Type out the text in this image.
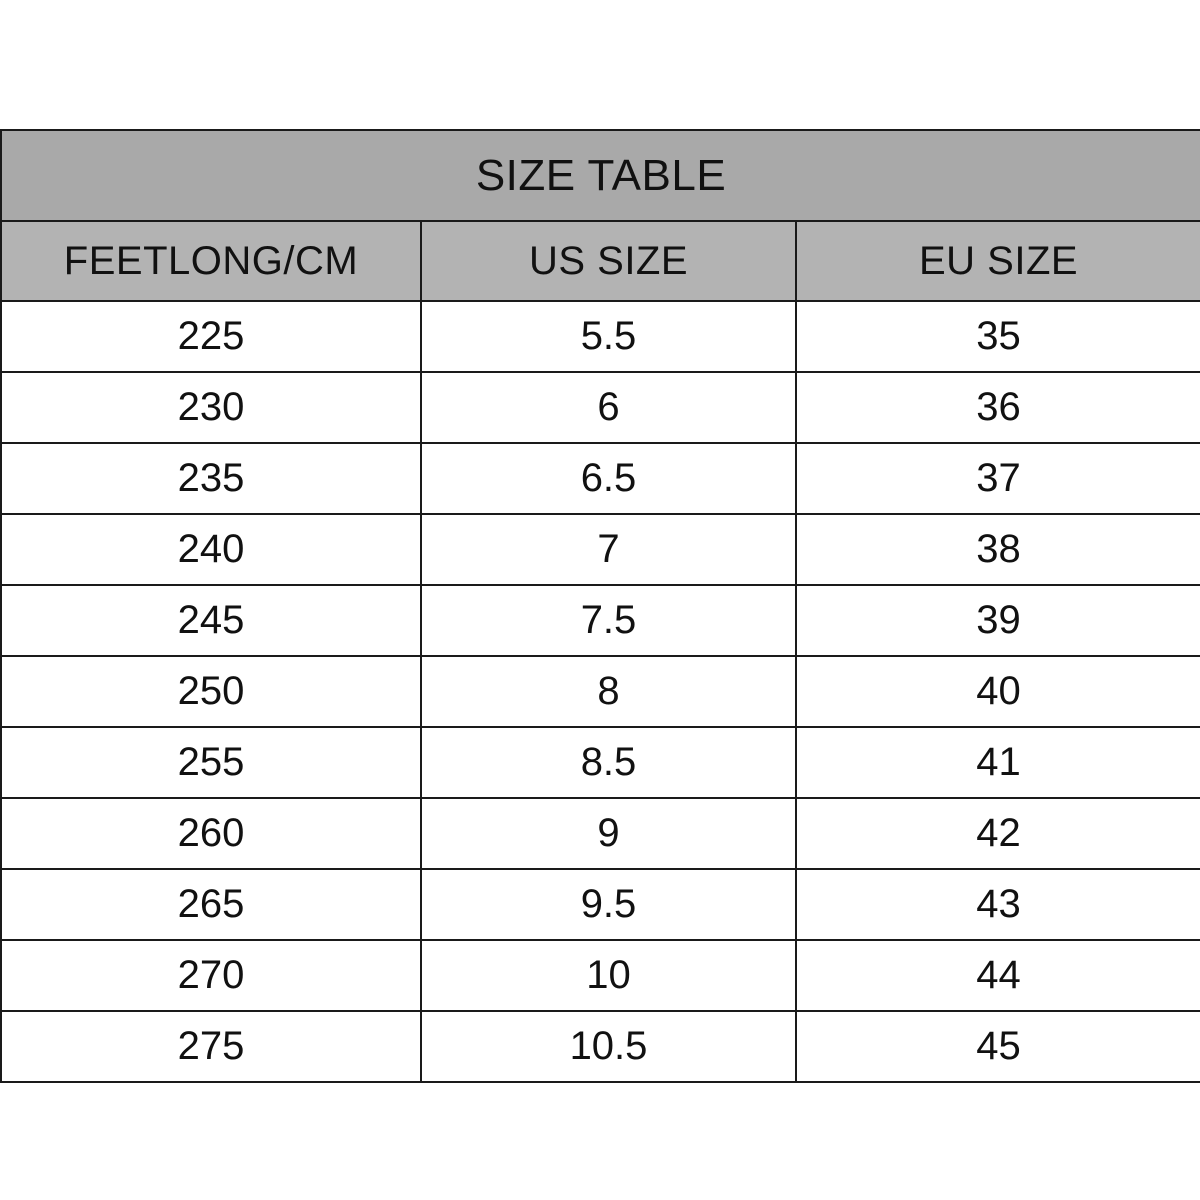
SIZE TABLE		
FEETLONG/CM	US SIZE	EU SIZE
225	5.5	35
230	6	36
235	6.5	37
240	7	38
245	7.5	39
250	8	40
255	8.5	41
260	9	42
265	9.5	43
270	10	44
275	10.5	45
